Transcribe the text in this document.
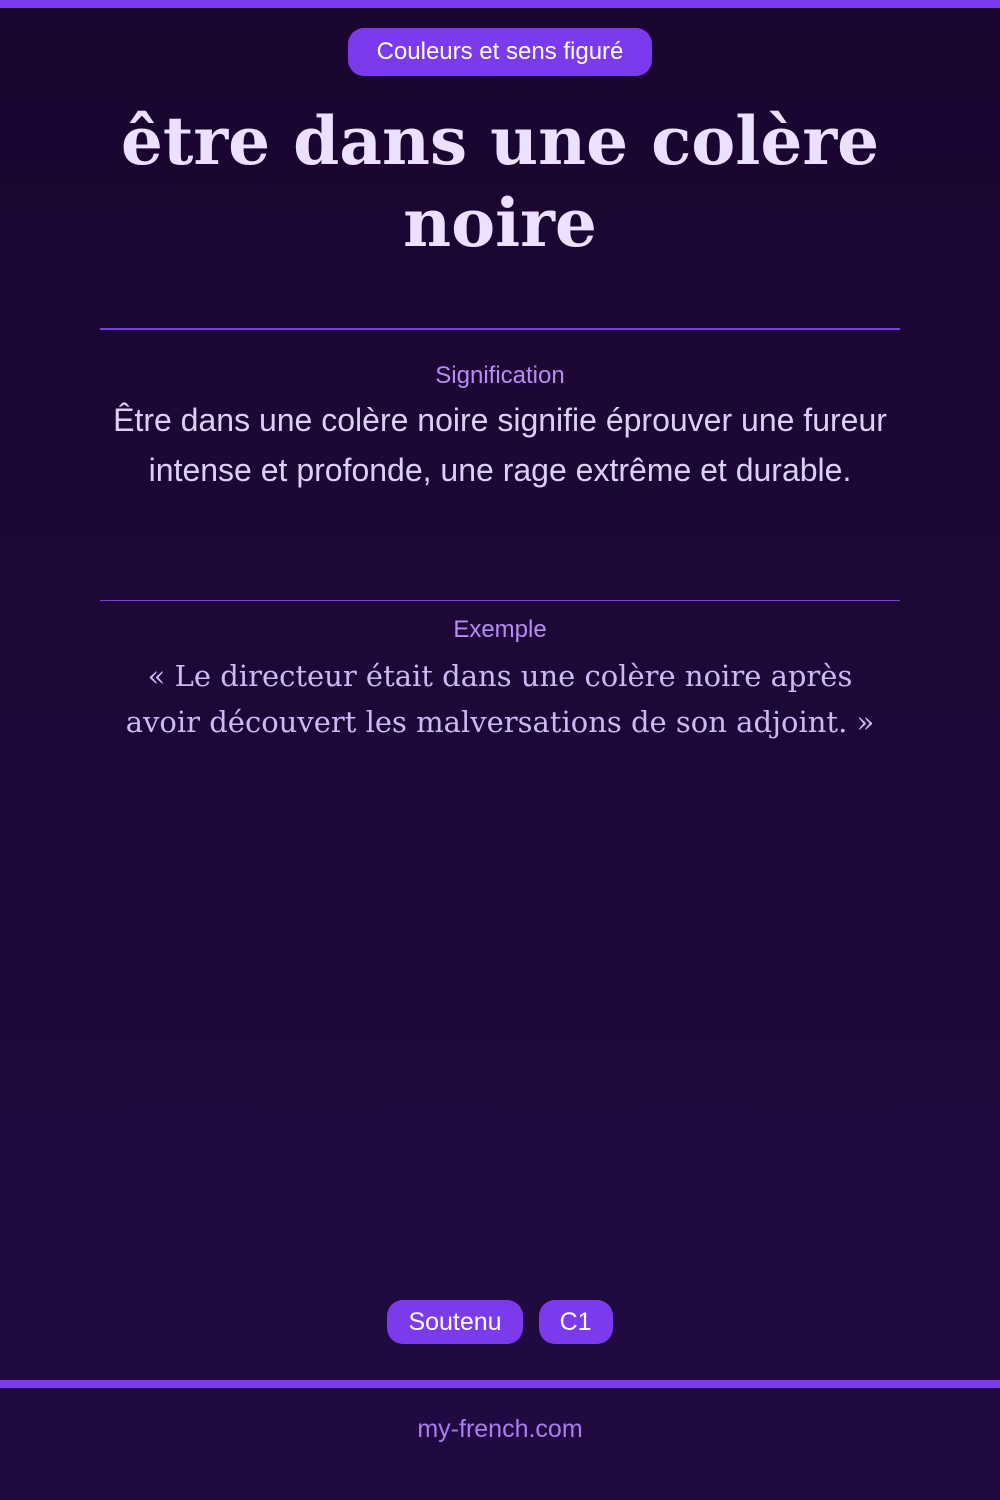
Couleurs et sens figuré
être dans une colère noire
Signification

Être dans une colère noire signifie éprouver une fureur intense et profonde, une rage extrême et durable.

Exemple

« Le directeur était dans une colère noire après avoir découvert les malversations de son adjoint. »

Soutenu	C1
my-french.com
